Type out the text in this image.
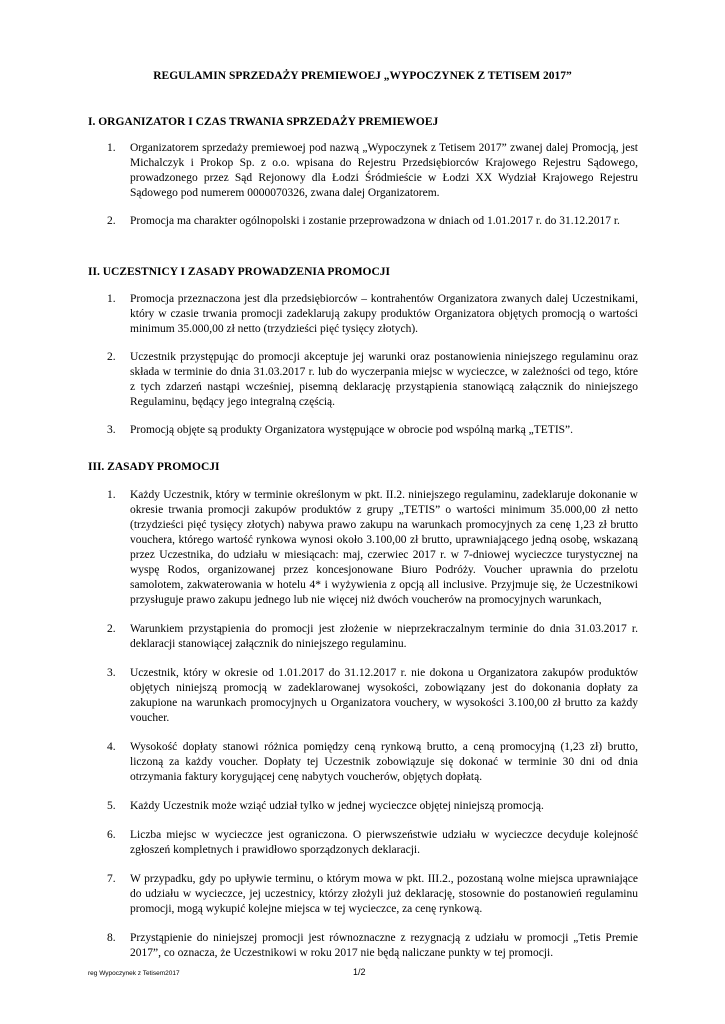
REGULAMIN SPRZEDAŻY PREMIEWOEJ „WYPOCZYNEK Z TETISEM 2017”
I. ORGANIZATOR I CZAS TRWANIA SPRZEDAŻY PREMIEWOEJ
1. Organizatorem sprzedaży premiewoej pod nazwą „Wypoczynek z Tetisem 2017” zwanej dalej Promocją, jest Michalczyk i Prokop Sp. z o.o. wpisana do Rejestru Przedsiębiorców Krajowego Rejestru Sądowego, prowadzonego przez Sąd Rejonowy dla Łodzi Śródmieście w Łodzi XX Wydział Krajowego Rejestru Sądowego pod numerem 0000070326, zwana dalej Organizatorem.
2. Promocja ma charakter ogólnopolski i zostanie przeprowadzona w dniach od 1.01.2017 r. do 31.12.2017 r.
II. UCZESTNICY I ZASADY PROWADZENIA PROMOCJI
1. Promocja przeznaczona jest dla przedsiębiorców – kontrahentów Organizatora zwanych dalej Uczestnikami, który w czasie trwania promocji zadeklarują zakupy produktów Organizatora objętych promocją o wartości minimum 35.000,00 zł netto (trzydzieści pięć tysięcy złotych).
2. Uczestnik przystępując do promocji akceptuje jej warunki oraz postanowienia niniejszego regulaminu oraz składa w terminie do dnia 31.03.2017 r. lub do wyczerpania miejsc w wycieczce, w zależności od tego, które z tych zdarzeń nastąpi wcześniej, pisemną deklarację przystąpienia stanowiącą załącznik do niniejszego Regulaminu, będący jego integralną częścią.
3. Promocją objęte są produkty Organizatora występujące w obrocie pod wspólną marką „TETIS”.
III. ZASADY PROMOCJI
1. Każdy Uczestnik, który w terminie określonym w pkt. II.2. niniejszego regulaminu, zadeklaruje dokonanie w okresie trwania promocji zakupów produktów z grupy „TETIS” o wartości minimum 35.000,00 zł netto (trzydzieści pięć tysięcy złotych) nabywa prawo zakupu na warunkach promocyjnych za cenę 1,23 zł brutto vouchera, którego wartość rynkowa wynosi około 3.100,00 zł brutto, uprawniającego jedną osobę, wskazaną przez Uczestnika, do udziału w miesiącach: maj, czerwiec 2017 r. w 7-dniowej wycieczce turystycznej na wyspę Rodos, organizowanej przez koncesjonowane Biuro Podróży. Voucher uprawnia do przelotu samolotem, zakwaterowania w hotelu 4* i wyżywienia z opcją all inclusive. Przyjmuje się, że Uczestnikowi przysługuje prawo zakupu jednego lub nie więcej niż dwóch voucherów na promocyjnych warunkach,
2. Warunkiem przystąpienia do promocji jest złożenie w nieprzekraczalnym terminie do dnia 31.03.2017 r. deklaracji stanowiącej załącznik do niniejszego regulaminu.
3. Uczestnik, który w okresie od 1.01.2017 do 31.12.2017 r. nie dokona u Organizatora zakupów produktów objętych niniejszą promocją w zadeklarowanej wysokości, zobowiązany jest do dokonania dopłaty za zakupione na warunkach promocyjnych u Organizatora vouchery, w wysokości 3.100,00 zł brutto za każdy voucher.
4. Wysokość dopłaty stanowi różnica pomiędzy ceną rynkową brutto, a ceną promocyjną (1,23 zł) brutto, liczoną za każdy voucher. Dopłaty tej Uczestnik zobowiązuje się dokonać w terminie 30 dni od dnia otrzymania faktury korygującej cenę nabytych voucherów, objętych dopłatą.
5. Każdy Uczestnik może wziąć udział tylko w jednej wycieczce objętej niniejszą promocją.
6. Liczba miejsc w wycieczce jest ograniczona. O pierwszeństwie udziału w wycieczce decyduje kolejność zgłoszeń kompletnych i prawidłowo sporządzonych deklaracji.
7. W przypadku, gdy po upływie terminu, o którym mowa w pkt. III.2., pozostaną wolne miejsca uprawniające do udziału w wycieczce, jej uczestnicy, którzy złożyli już deklarację, stosownie do postanowień regulaminu promocji, mogą wykupić kolejne miejsca w tej wycieczce, za cenę rynkową.
8. Przystąpienie do niniejszej promocji jest równoznaczne z rezygnacją z udziału w promocji „Tetis Premie 2017”, co oznacza, że Uczestnikowi w roku 2017 nie będą naliczane punkty w tej promocji.
reg Wypoczynek z Tetisem2017	1/2
